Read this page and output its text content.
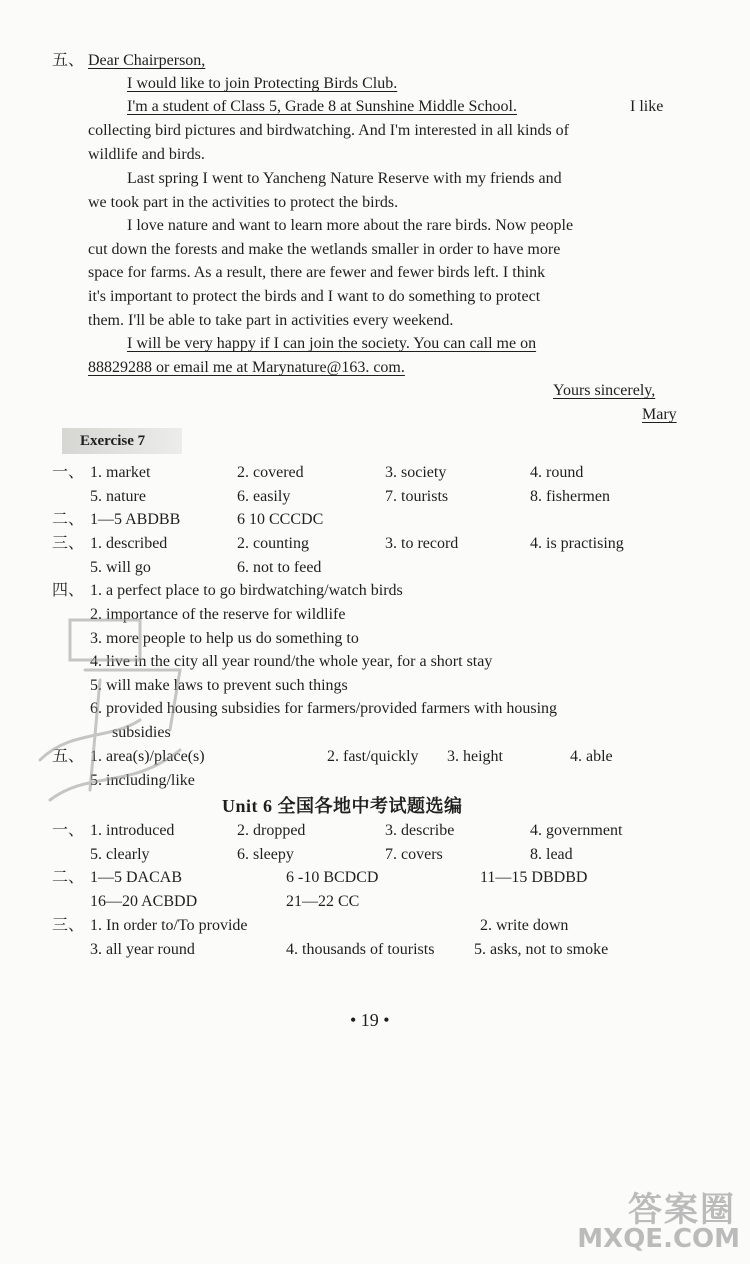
五、 Dear Chairperson,
I would like to join Protecting Birds Club.
I'm a student of Class 5, Grade 8 at Sunshine Middle School.	I like
collecting bird pictures and birdwatching. And I'm interested in all kinds of
wildlife and birds.
Last spring I went to Yancheng Nature Reserve with my friends and
we took part in the activities to protect the birds.
I love nature and want to learn more about the rare birds. Now people
cut down the forests and make the wetlands smaller in order to have more
space for farms. As a result, there are fewer and fewer birds left. I think
it's important to protect the birds and I want to do something to protect
them. I'll be able to take part in activities every weekend.
I will be very happy if I can join the society. You can call me on
88829288 or email me at Marynature@163. com.
Yours sincerely,
Mary
Exercise 7
一、 1. market	2. covered	3. society	4. round
5. nature	6. easily	7. tourists	8. fishermen
二、 1—5 ABDBB	6 10 CCCDC
三、 1. described	2. counting	3. to record	4. is practising
5. will go	6. not to feed
四、 1. a perfect place to go birdwatching/watch birds
2. importance of the reserve for wildlife
3. more people to help us do something to
4. live in the city all year round/the whole year, for a short stay
5. will make laws to prevent such things
6. provided housing subsidies for farmers/provided farmers with housing
subsidies
五、 1. area(s)/place(s)	2. fast/quickly 3. height	4. able
5. including/like
Unit 6 全国各地中考试题选编
一、 1. introduced	2. dropped	3. describe	4. government
5. clearly	6. sleepy	7. covers	8. lead
二、 1—5 DACAB	6 -10 BCDCD	11—15 DBDBD
16—20 ACBDD	21—22 CC
三、 1. In order to/To provide	2. write down
3. all year round	4. thousands of tourists 5. asks, not to smoke
• 19 •
答案圈
MXQE.COM
